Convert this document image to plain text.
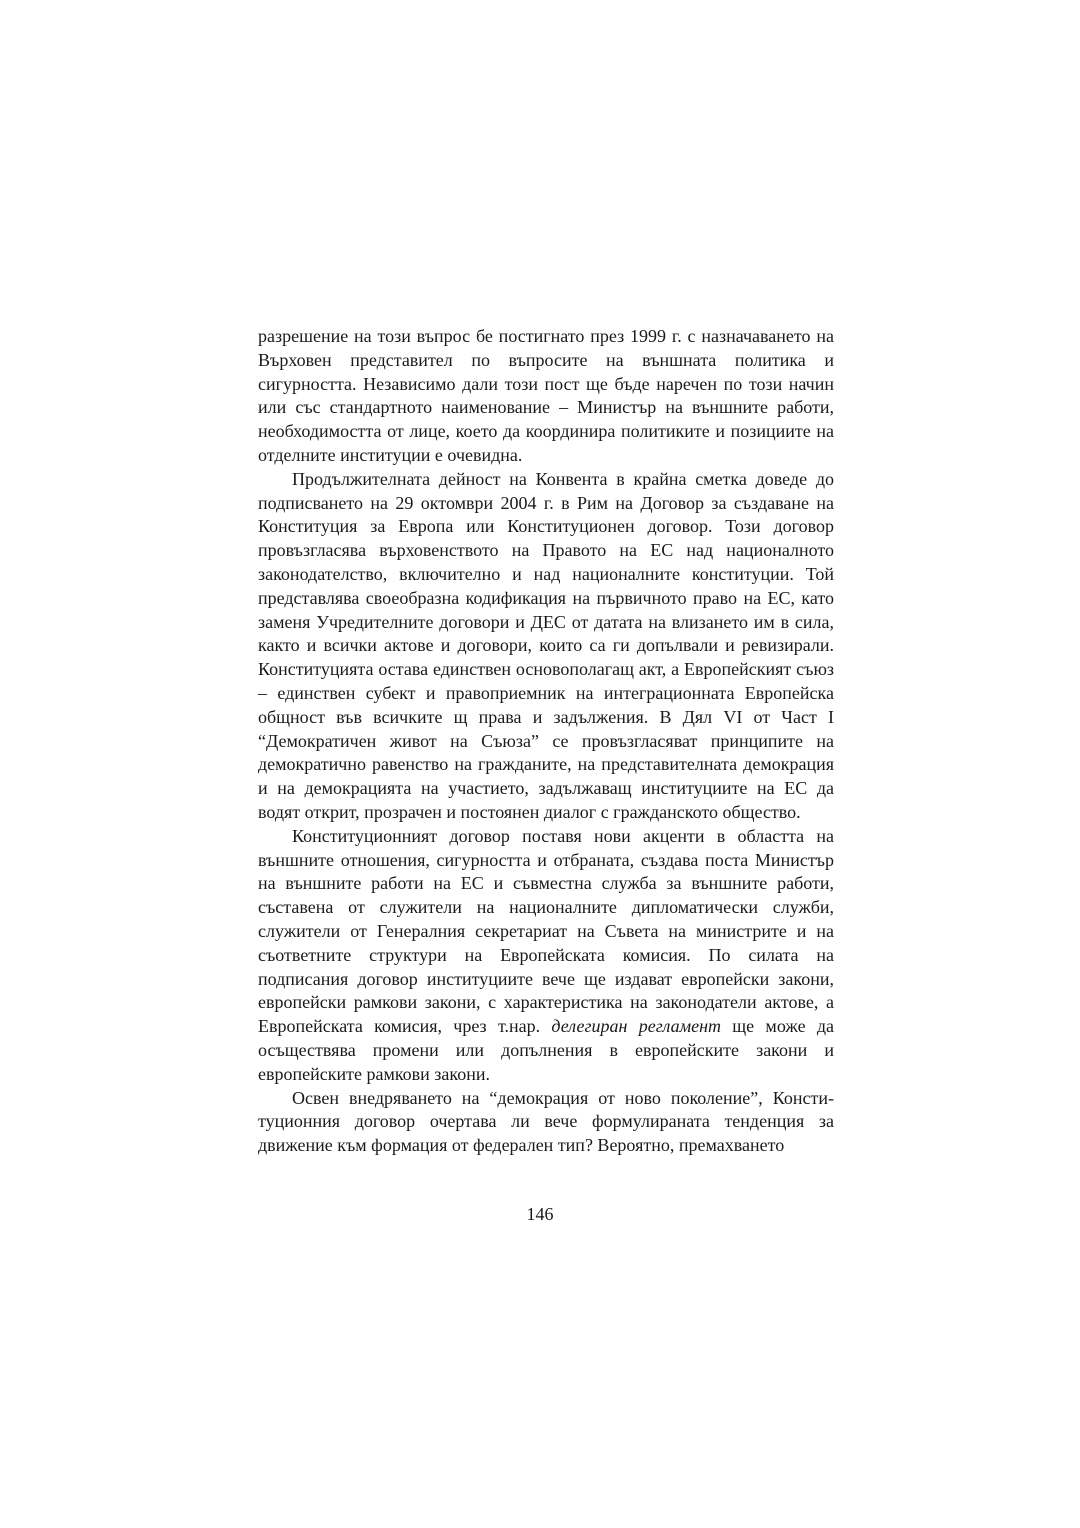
разрешение на този въпрос бе постигнато през 1999 г. с назначаването на Върховен представител по въпросите на външната политика и сигурността. Независимо дали този пост ще бъде наречен по този начин или със стандартното наименование – Министър на външните работи, необходимостта от лице, което да координира политиките и позициите на отделните институции е очевидна.

Продължителната дейност на Конвента в крайна сметка доведе до подписването на 29 октомври 2004 г. в Рим на Договор за създаване на Конституция за Европа или Конституционен договор. Този договор провъзгласява върховенството на Правото на ЕС над националното законодателство, включително и над националните конституции. Той представлява своеобразна кодификация на първичното право на ЕС, като заменя Учредителните договори и ДЕС от датата на влизането им в сила, както и всички актове и договори, които са ги допълвали и ревизирали. Конституцията остава единствен основополагащ акт, а Европейският съюз – единствен субект и правоприемник на интеграционната Европейска общност във всичките щ права и задължения. В Дял VI от Част I “Демократичен живот на Съюза” се провъзгласяват принципите на демократично равенство на гражданите, на представителната демокрация и на демокрацията на участието, задължаващ институциите на ЕС да водят открит, прозрачен и постоянен диалог с гражданското общество.

Конституционният договор поставя нови акценти в областта на външните отношения, сигурността и отбраната, създава поста Министър на външните работи на ЕС и съвместна служба за външните работи, съставена от служители на националните дипломатически служби, служители от Генералния секретариат на Съвета на министрите и на съответните структури на Европейската комисия. По силата на подписания договор институциите вече ще издават европейски закони, европейски рамкови закони, с характеристика на законодатели актове, а Европейската комисия, чрез т.нар. делегиран регламент ще може да осъществява промени или допълнения в европейските закони и европейските рамкови закони.

Освен внедряването на “демокрация от ново поколение”, Конституционния договор очертава ли вече формулираната тенденция за движение към формация от федерален тип? Вероятно, премахването

146
